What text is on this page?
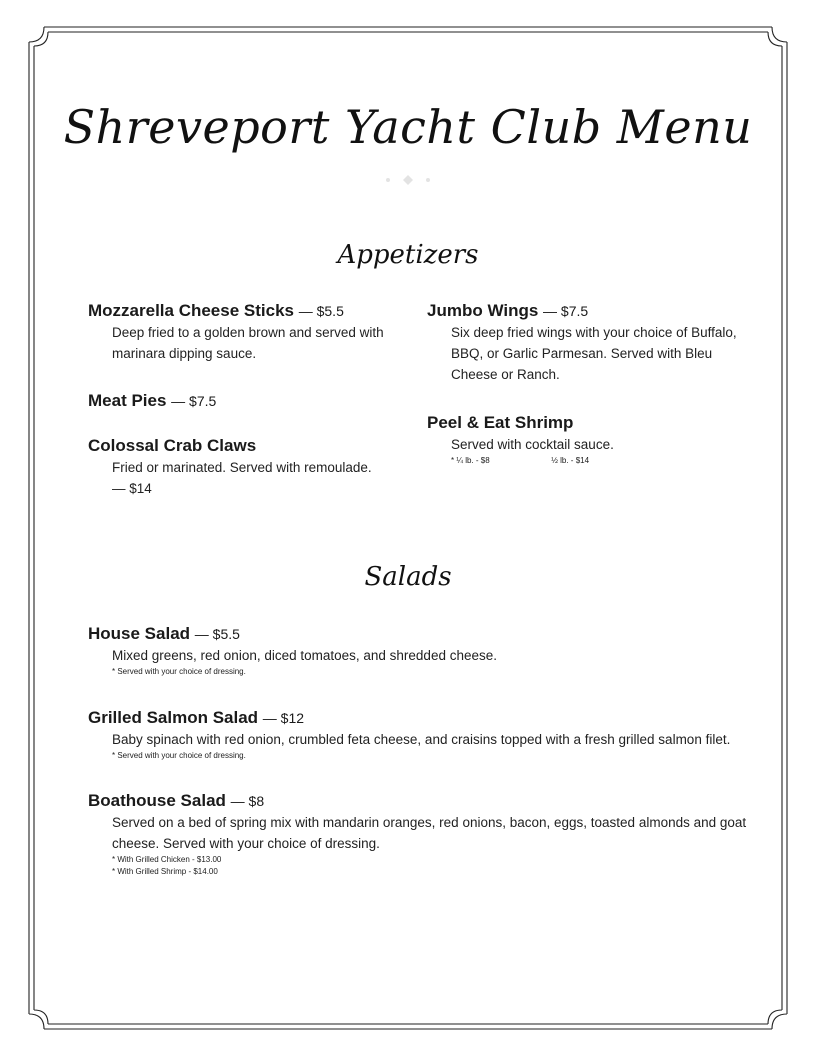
Shreveport Yacht Club Menu
Appetizers
Mozzarella Cheese Sticks — $5.5
Deep fried to a golden brown and served with
marinara dipping sauce.
Meat Pies — $7.5
Colossal Crab Claws
Fried or marinated. Served with remoulade.
— $14
Jumbo Wings — $7.5
Six deep fried wings with your choice of Buffalo,
BBQ, or Garlic Parmesan. Served with Bleu
Cheese or Ranch.
Peel & Eat Shrimp
Served with cocktail sauce.
* ¼ lb. - $8	½ lb. - $14
Salads
House Salad — $5.5
Mixed greens, red onion, diced tomatoes, and shredded cheese.
* Served with your choice of dressing.
Grilled Salmon Salad — $12
Baby spinach with red onion, crumbled feta cheese, and craisins topped with a fresh grilled salmon filet.
* Served with your choice of dressing.
Boathouse Salad — $8
Served on a bed of spring mix with mandarin oranges, red onions, bacon, eggs, toasted almonds and goat
cheese. Served with your choice of dressing.
* With Grilled Chicken - $13.00
* With Grilled Shrimp - $14.00
